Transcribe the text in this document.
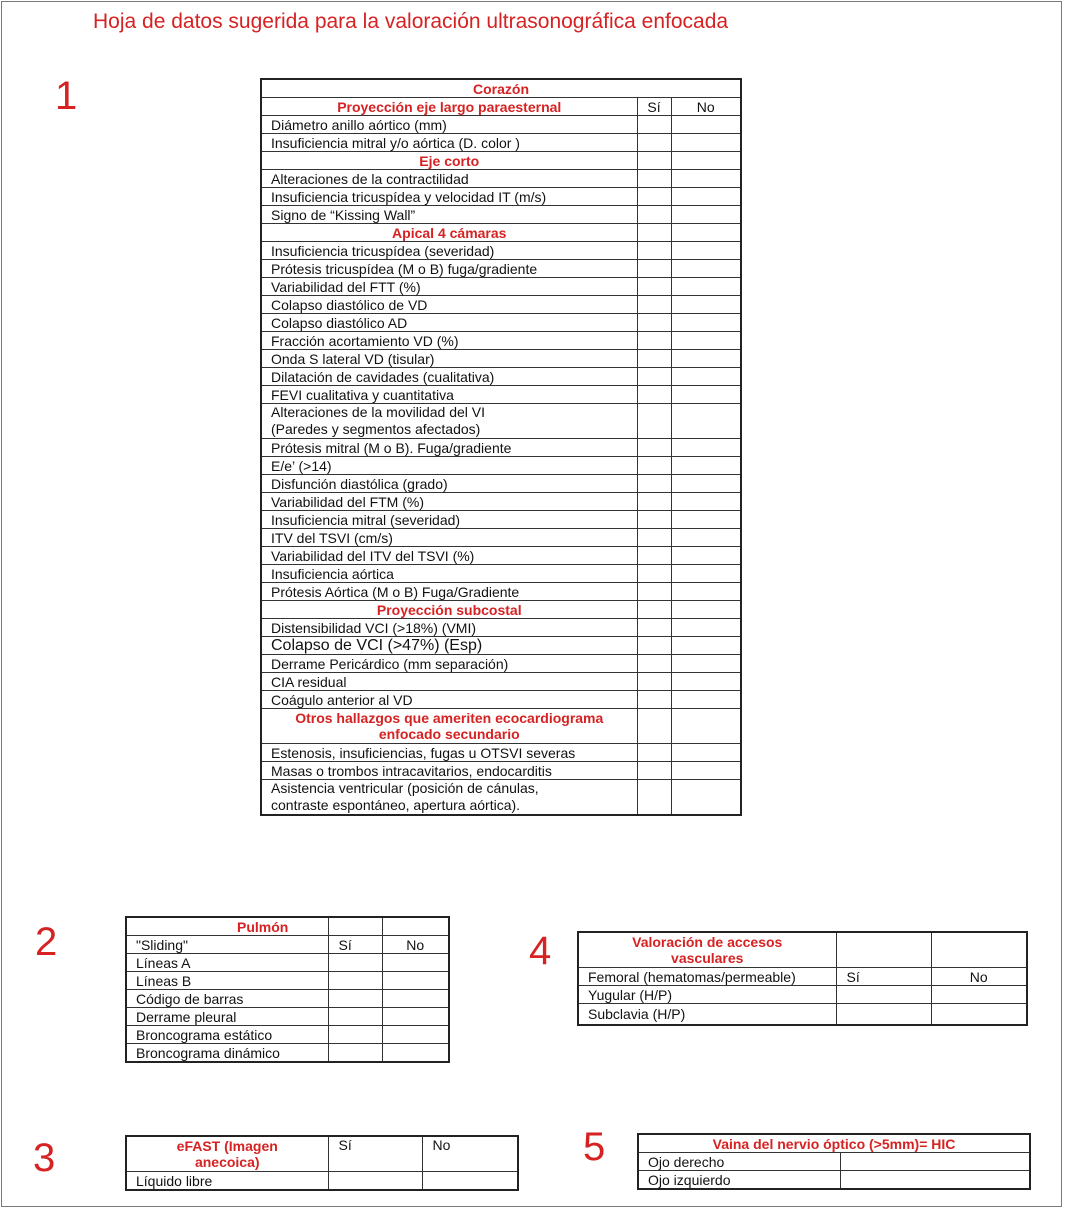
Hoja de datos sugerida para la valoración ultrasonográfica enfocada
1
2
3
4
5
Corazón		
Proyección eje largo paraesternal	Sí	No
Diámetro anillo aórtico (mm)		
Insuficiencia mitral y/o aórtica (D. color )		
Eje corto		
Alteraciones de la contractilidad		
Insuficiencia tricuspídea y velocidad IT (m/s)		
Signo de “Kissing Wall”		
Apical 4 cámaras		
Insuficiencia tricuspídea (severidad)		
Prótesis tricuspídea (M o B) fuga/gradiente		
Variabilidad del FTT (%)		
Colapso diastólico de VD		
Colapso diastólico AD		
Fracción acortamiento VD (%)		
Onda S lateral VD (tisular)		
Dilatación de cavidades (cualitativa)		
FEVI cualitativa y cuantitativa		
Alteraciones de la movilidad del VI
(Paredes y segmentos afectados)		
Prótesis mitral (M o B). Fuga/gradiente		
E/e’ (>14)		
Disfunción diastólica (grado)		
Variabilidad del FTM (%)		
Insuficiencia mitral (severidad)		
ITV del TSVI (cm/s)		
Variabilidad del ITV del TSVI (%)		
Insuficiencia aórtica		
Prótesis Aórtica (M o B) Fuga/Gradiente		
Proyección subcostal		
Distensibilidad VCI (>18%) (VMI)		
Colapso de VCI (>47%) (Esp)		
Derrame Pericárdico (mm separación)		
CIA residual		
Coágulo anterior al VD		
Otros hallazgos que ameriten ecocardiograma
enfocado secundario		
Estenosis, insuficiencias, fugas u OTSVI severas		
Masas o trombos intracavitarios, endocarditis		
Asistencia ventricular (posición de cánulas,
contraste espontáneo, apertura aórtica).		
Pulmón		
"Sliding"	Sí	No
Líneas A		
Líneas B		
Código de barras		
Derrame pleural		
Broncograma estático		
Broncograma dinámico		
eFAST (Imagen
anecoica)	Sí	No
Líquido libre		
Valoración de accesos
vasculares		
Femoral (hematomas/permeable)	Sí	No
Yugular (H/P)		
Subclavia (H/P)		
Vaina del nervio óptico (>5mm)= HIC	
Ojo derecho	
Ojo izquierdo	
